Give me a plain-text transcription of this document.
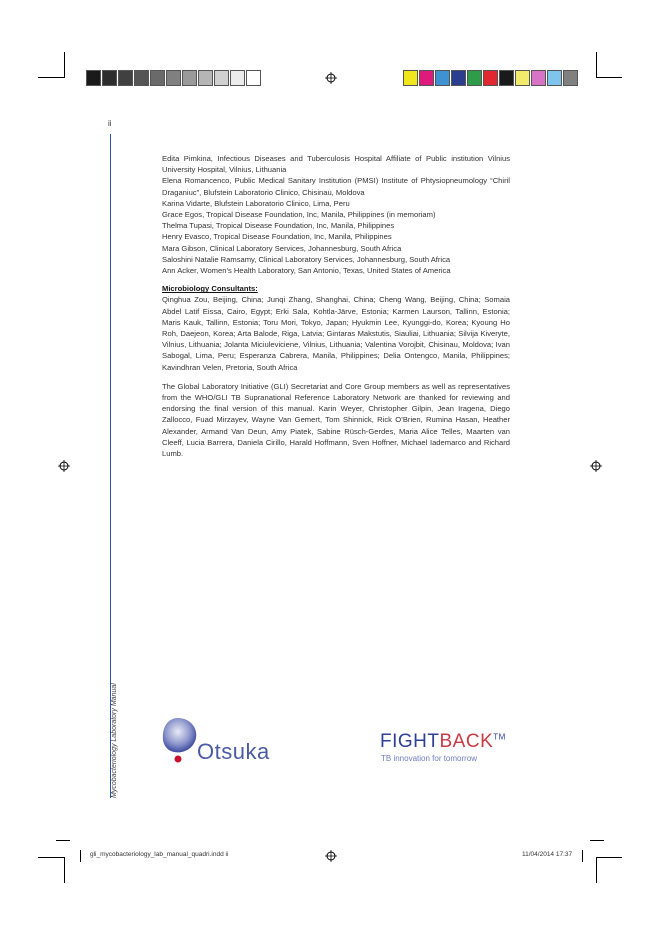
ii
Mycobacteriology Laboratory Manual

Edita Pimkina, Infectious Diseases and Tuberculosis Hospital Affiliate of Public institution Vilnius University Hospital, Vilnius, Lithuania

Elena Romancenco, Public Medical Sanitary Institution (PMSI) Institute of Phtysiopneumology “Chiril Draganiuc”, Blufstein Laboratorio Clinico, Chisinau, Moldova

Karina Vidarte, Blufstein Laboratorio Clinico, Lima, Peru

Grace Egos, Tropical Disease Foundation, Inc, Manila, Philippines (in memoriam)

Thelma Tupasi, Tropical Disease Foundation, Inc, Manila, Philippines

Henry Evasco, Tropical Disease Foundation, Inc, Manila, Philippines

Mara Gibson, Clinical Laboratory Services, Johannesburg, South Africa

Saloshini Natalie Ramsamy, Clinical Laboratory Services, Johannesburg, South Africa

Ann Acker, Women’s Health Laboratory, San Antonio, Texas, United States of America

Microbiology Consultants:

Qinghua Zou, Beijing, China; Junqi Zhang, Shanghai, China; Cheng Wang, Beijing, China; Somaia Abdel Latif Eissa, Cairo, Egypt; Erki Sala, Kohtla-Järve, Estonia; Karmen Laurson, Tallinn, Estonia; Maris Kauk, Tallinn, Estonia; Toru Mori, Tokyo, Japan; Hyukmin Lee, Kyunggi-do, Korea; Kyoung Ho Roh, Daejeon, Korea; Arta Balode, Riga, Latvia; Gintaras Makstutis, Siauliai, Lithuania; Silvija Kiveryte, Vilnius, Lithuania; Jolanta Miciuleviciene, Vilnius, Lithuania; Valentina Vorojbit, Chisinau, Moldova; Ivan Sabogal, Lima, Peru; Esperanza Cabrera, Manila, Philippines; Delia Ontengco, Manila, Philippines; Kavindhran Velen, Pretoria, South Africa

The Global Laboratory Initiative (GLI) Secretariat and Core Group members as well as representatives from the WHO/GLI TB Supranational Reference Laboratory Network are thanked for reviewing and endorsing the final version of this manual. Karin Weyer, Christopher Gilpin, Jean Iragena, Diego Zallocco, Fuad Mirzayev, Wayne Van Gemert, Tom Shinnick, Rick O’Brien, Rumina Hasan, Heather Alexander, Armand Van Deun, Amy Piatek, Sabine Rüsch-Gerdes, Maria Alice Telles, Maarten van Cleeff, Lucia Barrera, Daniela Cirillo, Harald Hoffmann, Sven Hoffner, Michael Iademarco and Richard Lumb.

Otsuka	FIGHTBACK™
TB innovation for tomorrow
gli_mycobacteriology_lab_manual_quadri.indd ii	11/04/2014 17:37
